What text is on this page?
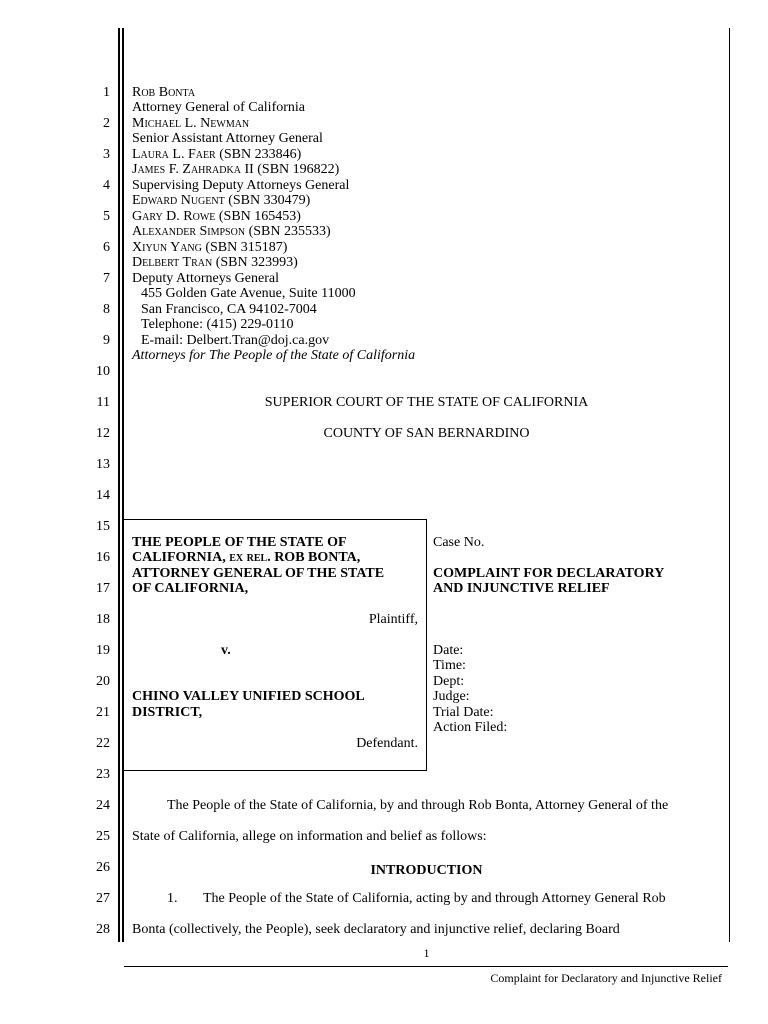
1
2
3
4
5
6
7
8
9
10
11
12
13
14
15
16
17
18
19
20
21
22
23
24
25
26
27
28
Rob Bonta
Attorney General of California
Michael L. Newman
Senior Assistant Attorney General
Laura L. Faer (SBN 233846)
James F. Zahradka II (SBN 196822)
Supervising Deputy Attorneys General
Edward Nugent (SBN 330479)
Gary D. Rowe (SBN 165453)
Alexander Simpson (SBN 235533)
Xiyun Yang (SBN 315187)
Delbert Tran (SBN 323993)
Deputy Attorneys General
455 Golden Gate Avenue, Suite 11000
San Francisco, CA 94102-7004
Telephone: (415) 229-0110
E-mail: Delbert.Tran@doj.ca.gov
Attorneys for The People of the State of California
SUPERIOR COURT OF THE STATE OF CALIFORNIA
COUNTY OF SAN BERNARDINO
THE PEOPLE OF THE STATE OF
CALIFORNIA, ex rel. ROB BONTA,
ATTORNEY GENERAL OF THE STATE
OF CALIFORNIA,
Plaintiff,
v.
CHINO VALLEY UNIFIED SCHOOL
DISTRICT,
Defendant.
Case No.
COMPLAINT FOR DECLARATORY
AND INJUNCTIVE RELIEF
Date:
Time:
Dept:
Judge:
Trial Date:
Action Filed:
The People of the State of California, by and through Rob Bonta, Attorney General of the
State of California, allege on information and belief as follows:
INTRODUCTION
1. The People of the State of California, acting by and through Attorney General Rob
Bonta (collectively, the People), seek declaratory and injunctive relief, declaring Board
1
Complaint for Declaratory and Injunctive Relief
